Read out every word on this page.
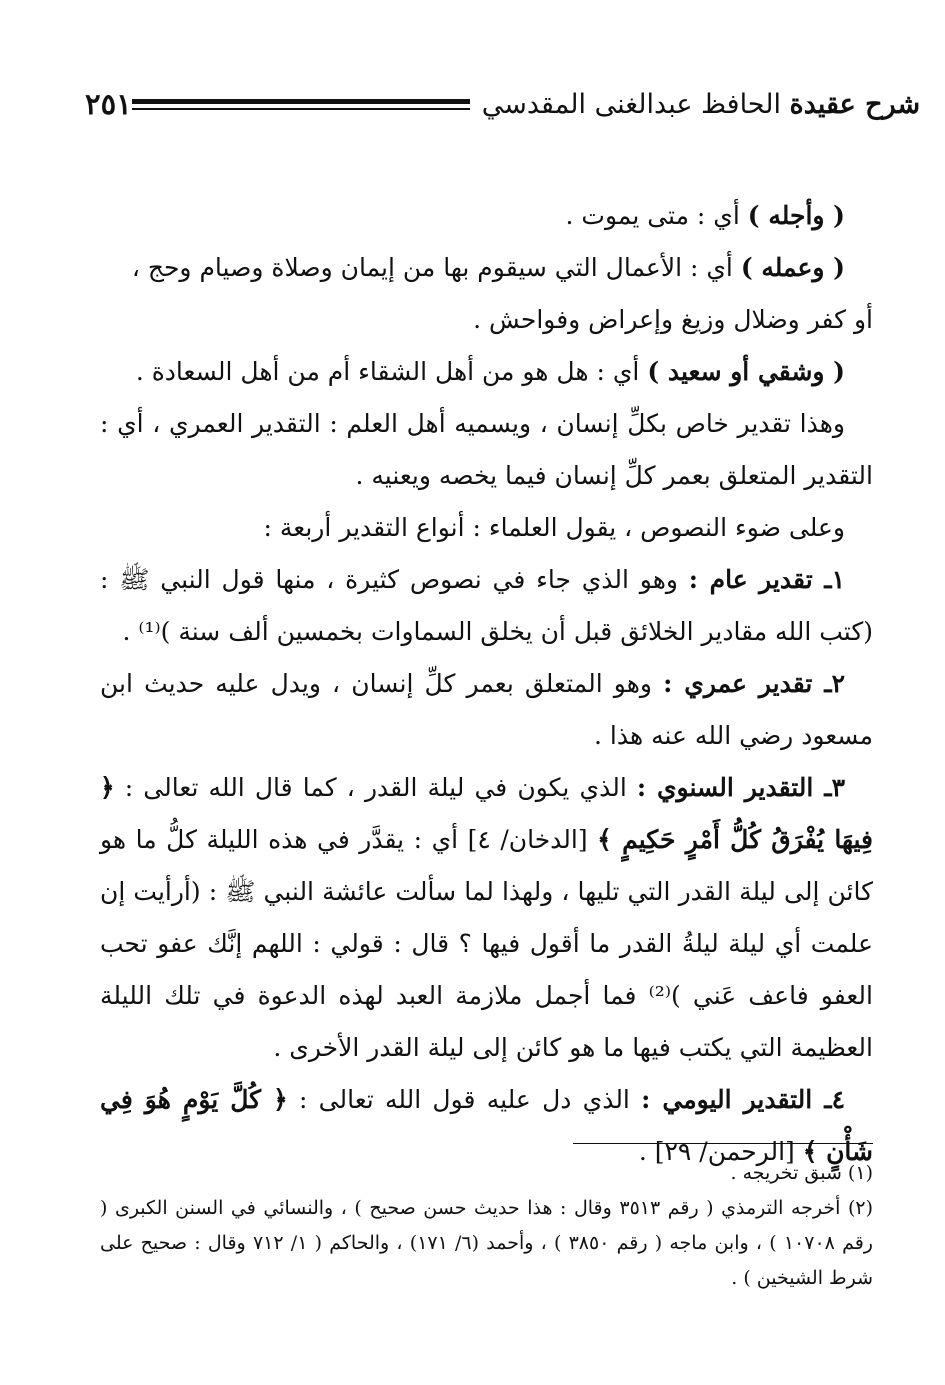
٢٥١	شرح عقيدة الحافظ عبدالغنى المقدسي

( وأجله ) أي : متى يموت .

( وعمله ) أي : الأعمال التي سيقوم بها من إيمان وصلاة وصيام وحج ،

أو كفر وضلال وزيغ وإعراض وفواحش .

( وشقي أو سعيد ) أي : هل هو من أهل الشقاء أم من أهل السعادة .

وهذا تقدير خاص بكلِّ إنسان ، ويسميه أهل العلم : التقدير العمري ، أي : التقدير المتعلق بعمر كلِّ إنسان فيما يخصه ويعنيه .

وعلى ضوء النصوص ، يقول العلماء : أنواع التقدير أربعة :

١ـ تقدير عام : وهو الذي جاء في نصوص كثيرة ، منها قول النبي ﷺ : (كتب الله مقادير الخلائق قبل أن يخلق السماوات بخمسين ألف سنة )⁽¹⁾ .

٢ـ تقدير عمري : وهو المتعلق بعمر كلِّ إنسان ، ويدل عليه حديث ابن مسعود رضي الله عنه هذا .

٣ـ التقدير السنوي : الذي يكون في ليلة القدر ، كما قال الله تعالى : ﴿ فِيهَا يُفْرَقُ كُلُّ أَمْرٍ حَكِيمٍ ﴾ [الدخان/ ٤] أي : يقدَّر في هذه الليلة كلُّ ما هو كائن إلى ليلة القدر التي تليها ، ولهذا لما سألت عائشة النبي ﷺ : (أرأيت إن علمت أي ليلة ليلةُ القدر ما أقول فيها ؟ قال : قولي : اللهم إنَّك عفو تحب العفو فاعف عَني )⁽²⁾ فما أجمل ملازمة العبد لهذه الدعوة في تلك الليلة العظيمة التي يكتب فيها ما هو كائن إلى ليلة القدر الأخرى .

٤ـ التقدير اليومي : الذي دل عليه قول الله تعالى : ﴿ كُلَّ يَوْمٍ هُوَ فِي شَأْنٍ ﴾ [الرحمن/ ٢٩] .

(١) سبق تخريجه .

(٢) أخرجه الترمذي ( رقم ٣٥١٣ وقال : هذا حديث حسن صحيح ) ، والنسائي في السنن الكبرى ( رقم ١٠٧٠٨ ) ، وابن ماجه ( رقم ٣٨٥٠ ) ، وأحمد (٦/ ١٧١) ، والحاكم ( ١/ ٧١٢ وقال : صحيح على شرط الشيخين ) .
